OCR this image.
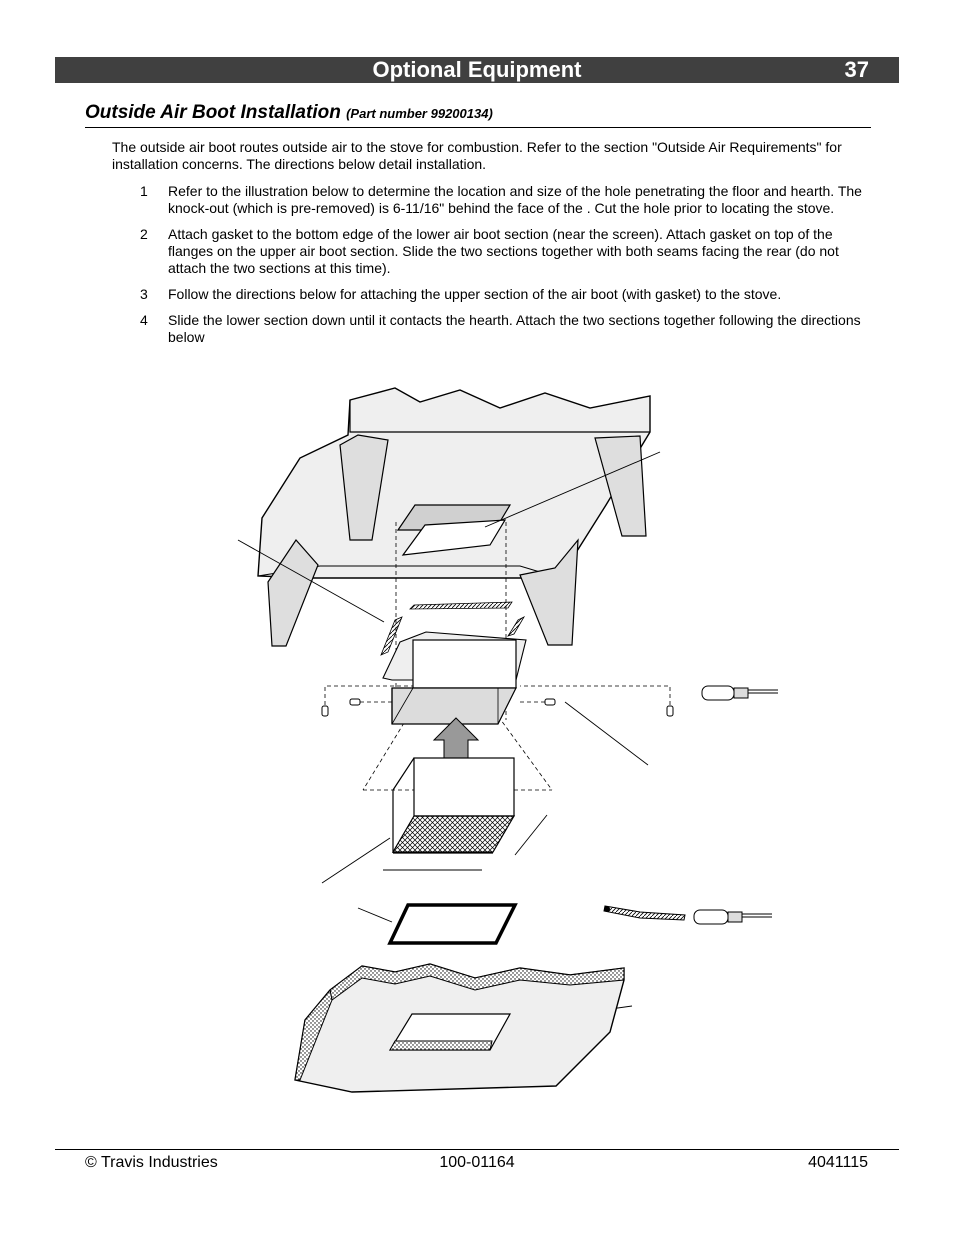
Optional Equipment	37
Outside Air Boot Installation (Part number 99200134)
The outside air boot routes outside air to the stove for combustion. Refer to the section "Outside Air Requirements" for installation concerns. The directions below detail installation.
1 Refer to the illustration below to determine the location and size of the hole penetrating the floor and hearth. The knock-out (which is pre-removed) is 6-11/16" behind the face of the . Cut the hole prior to locating the stove.
2 Attach gasket to the bottom edge of the lower air boot section (near the screen). Attach gasket on top of the flanges on the upper air boot section. Slide the two sections together with both seams facing the rear (do not attach the two sections at this time).
3 Follow the directions below for attaching the upper section of the air boot (with gasket) to the stove.
4 Slide the lower section down until it contacts the hearth. Attach the two sections together following the directions below
© Travis Industries	100-01164	4041115
